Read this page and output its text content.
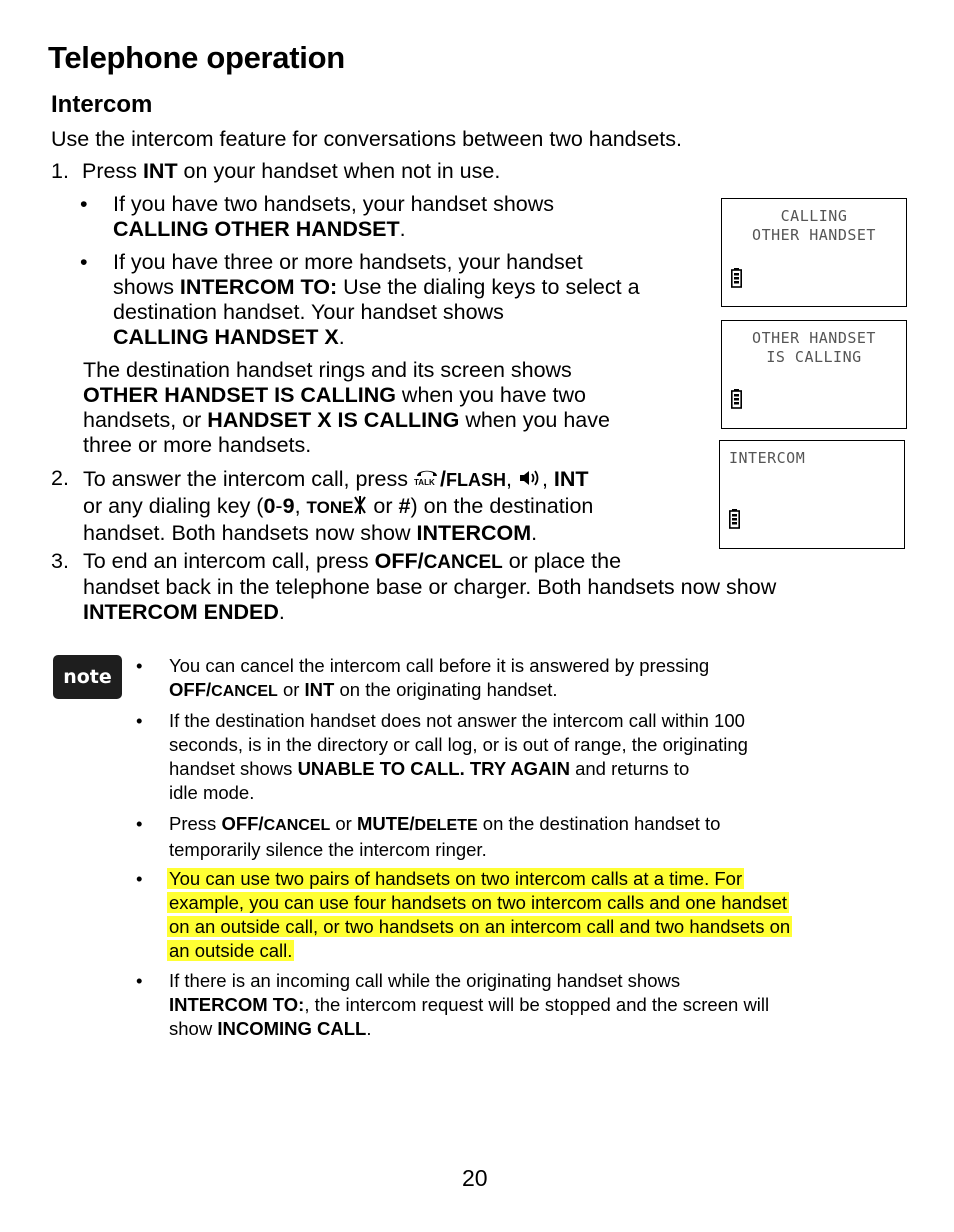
Telephone operation
Intercom
Use the intercom feature for conversations between two handsets.
1. Press INT on your handset when not in use.
• If you have two handsets, your handset shows
CALLING OTHER HANDSET.
• If you have three or more handsets, your handset
shows INTERCOM TO: Use the dialing keys to select a
destination handset. Your handset shows
CALLING HANDSET X.
The destination handset rings and its screen shows
OTHER HANDSET IS CALLING when you have two
handsets, or HANDSET X IS CALLING when you have
three or more handsets.
2. To answer the intercom call, press TALK /FLASH, , INT
or any dialing key (0-9, TONE or #) on the destination
handset. Both handsets now show INTERCOM.
3. To end an intercom call, press OFF/CANCEL or place the
handset back in the telephone base or charger. Both handsets now show
INTERCOM ENDED.
CALLING
OTHER HANDSET
OTHER HANDSET
IS CALLING
INTERCOM
note
• You can cancel the intercom call before it is answered by pressing
OFF/CANCEL or INT on the originating handset.
• If the destination handset does not answer the intercom call within 100
seconds, is in the directory or call log, or is out of range, the originating
handset shows UNABLE TO CALL. TRY AGAIN and returns to
idle mode.
• Press OFF/CANCEL or MUTE/DELETE on the destination handset to
temporarily silence the intercom ringer.
• You can use two pairs of handsets on two intercom calls at a time. For
example, you can use four handsets on two intercom calls and one handset
on an outside call, or two handsets on an intercom call and two handsets on
an outside call.
• If there is an incoming call while the originating handset shows
INTERCOM TO:, the intercom request will be stopped and the screen will
show INCOMING CALL.
20
